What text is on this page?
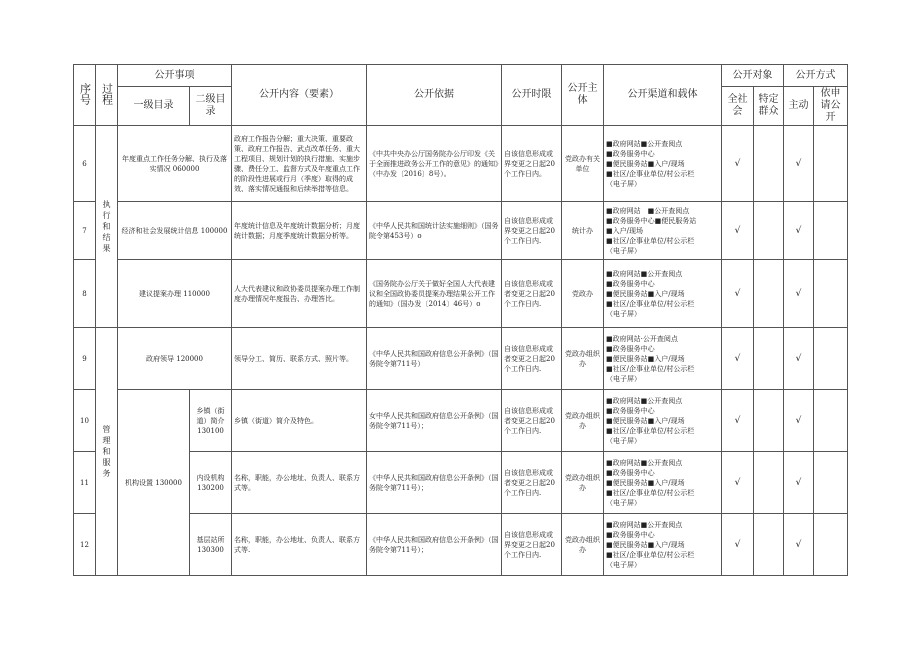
序号	过程	公开事项		公开内容（要素）	公开依据	公开时限	公开主体	公开渠道和载体	公开对象		公开方式	
		一级目录	二级目录						全社会	特定群众	主动	依申请公开
6	执行和结果	年度重点工作任务分解、执行及落实情况 060000		政府工作报告分解；重大决策、重要政策、政府工作报告、武点改革任务、重大工程项目、规划计划的执行措施、实施步骤、费任分工、监督方式及年度重点工作的阶段性进展或行月（季度）取得的成效、落实情况通报和后续举措等信息。	《中共中央办公厅国务院办公厅印发《关于全面推进政务公开工作的意见》的通知》（中办发〔2016〕8号）。	自该信息形成或界变更之日起20个工作日内。	党政办有关单位	■政府网站■公开查阅点
■政务服务中心
■便民服务站■入户/现场
■社区/企事业单位/村公示栏
（电子屏）	√		√	
7		经济和社会发展统计信息 100000		年度统计信息及年度统计数据分析；月度统计数据；月度季度统计数据分析等。	《中华人民共和国统计法实施细则》（国务院令第453号）o	自该信息形成或界变更之日起20个工作日内.	统计办	■政府网站　■公开查阅点
■政务服务中心■便民服务站
■入户/现场
■社区/企事业单位/村公示栏
（电子屏）	√		√	
8		建议提案办理 110000		人大代表建议和政协委员提案办理工作制度办理情况年度报告、办理答比。	《国务院办公厅关于做好全国人大代表建议和全国政协委员提案办理结果公开工作的通知》（国办发〔2014〕46号）o	自该信息形成或者变更之日起20个工作日内.	党政办	■政府网站■公开查阅点
■政务服务中心
■便民服务站■入户/现场
■社区/企事业单位/村公示栏
（电子屏）	√		√	
9	管理和服务	政府领导 120000		领导分工、简历、联系方式、照片等。	《中华人民共和国政府信息公开条例》（国务院令第711号）	自该信息形成或者变更之日起20个工作日内.	党政办组织办	■政府网站·公开查阅点
■政务服务中心
■便民服务站■入户/现场
■社区/企事业单位/村公示栏
（电子屏）	√		√	
10		机构设置 130000	乡镇（街道）简介 130100	乡镇（街道）简介及特色。	女中华人民共和国政府信息公开条例》（国务院令第711号）；	自该信息形成或者变更之日起20个工作日内.	党政办组织办	■政府网站■公开查阅点
■政务服务中心
■便民服务站■入户/现场
■社区/企事业单位/村公示栏
（电子屏）	√		√	
11			内设机构 130200	名称，职能，办公地址、负责人、联系方式等。	《中华人民共和国政府信息公开条例》（国务院令第711号）；	自该信息形成或者变更之日起20个工作日内.	党政办组织办	■政府网站■公开查阅点
■政务服务中心
■便民服务站■入户/现场
■社区/企事业单位/村公示栏
（电子屏）	√		√	
12			基层站所 130300	名称，职能，办公地址、负责人、联系方式等.	《中华人民共和国政府信息公开条例》（国务院令第711号）；	自该信息形成或界变更之日起20个工作日内.	党政办组织办	■政府网站■公开查阅点
■政务服务中心
■便民服务站■入户/现场
■社区/企事业单位/村公示栏
（电子屏）	√		√	
